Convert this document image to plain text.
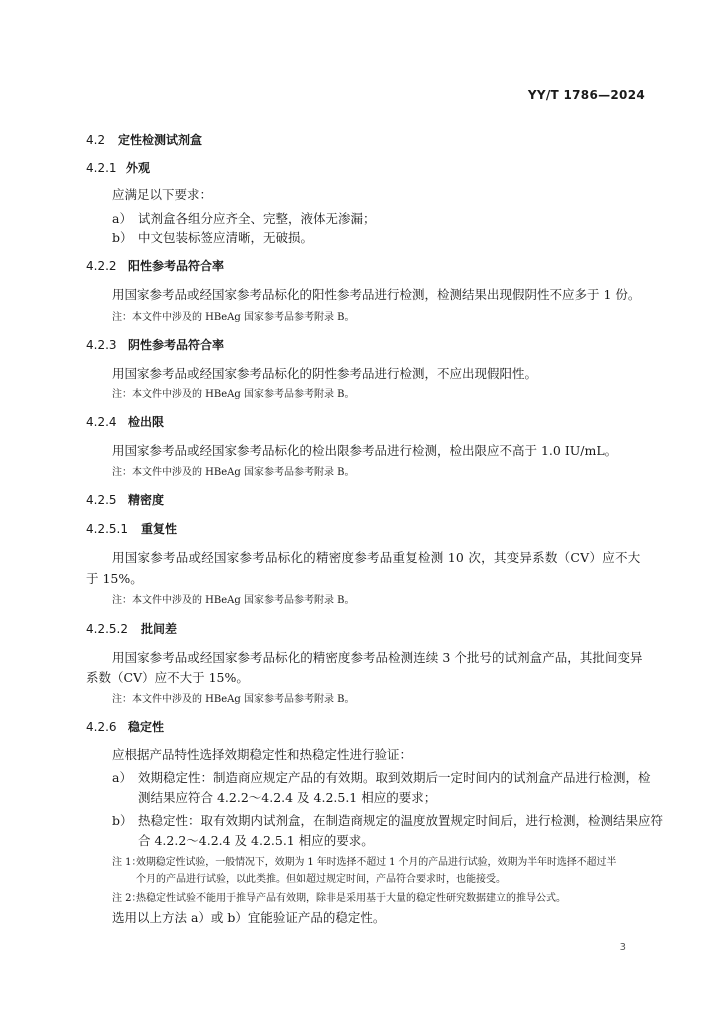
YY/T 1786—2024
4.2 定性检测试剂盒
4.2.1 外观
应满足以下要求：
a） 试剂盒各组分应齐全、完整，液体无渗漏；
b） 中文包装标签应清晰，无破损。
4.2.2 阳性参考品符合率
用国家参考品或经国家参考品标化的阳性参考品进行检测，检测结果出现假阴性不应多于 1 份。
注：本文件中涉及的 HBeAg 国家参考品参考附录 B。
4.2.3 阴性参考品符合率
用国家参考品或经国家参考品标化的阴性参考品进行检测，不应出现假阳性。
注：本文件中涉及的 HBeAg 国家参考品参考附录 B。
4.2.4 检出限
用国家参考品或经国家参考品标化的检出限参考品进行检测，检出限应不高于 1.0 IU/mL。
注：本文件中涉及的 HBeAg 国家参考品参考附录 B。
4.2.5 精密度
4.2.5.1 重复性
用国家参考品或经国家参考品标化的精密度参考品重复检测 10 次，其变异系数（CV）应不大
于 15%。
注：本文件中涉及的 HBeAg 国家参考品参考附录 B。
4.2.5.2 批间差
用国家参考品或经国家参考品标化的精密度参考品检测连续 3 个批号的试剂盒产品，其批间变异
系数（CV）应不大于 15%。
注：本文件中涉及的 HBeAg 国家参考品参考附录 B。
4.2.6 稳定性
应根据产品特性选择效期稳定性和热稳定性进行验证：
a） 效期稳定性：制造商应规定产品的有效期。取到效期后一定时间内的试剂盒产品进行检测，检
测结果应符合 4.2.2～4.2.4 及 4.2.5.1 相应的要求；
b） 热稳定性：取有效期内试剂盒，在制造商规定的温度放置规定时间后，进行检测，检测结果应符
合 4.2.2～4.2.4 及 4.2.5.1 相应的要求。
注 1：
效期稳定性试验，一般情况下，效期为 1 年时选择不超过 1 个月的产品进行试验，效期为半年时选择不超过半
个月的产品进行试验，以此类推。但如超过规定时间，产品符合要求时，也能接受。
注 2：
热稳定性试验不能用于推导产品有效期，除非是采用基于大量的稳定性研究数据建立的推导公式。
选用以上方法 a）或 b）宜能验证产品的稳定性。
3
